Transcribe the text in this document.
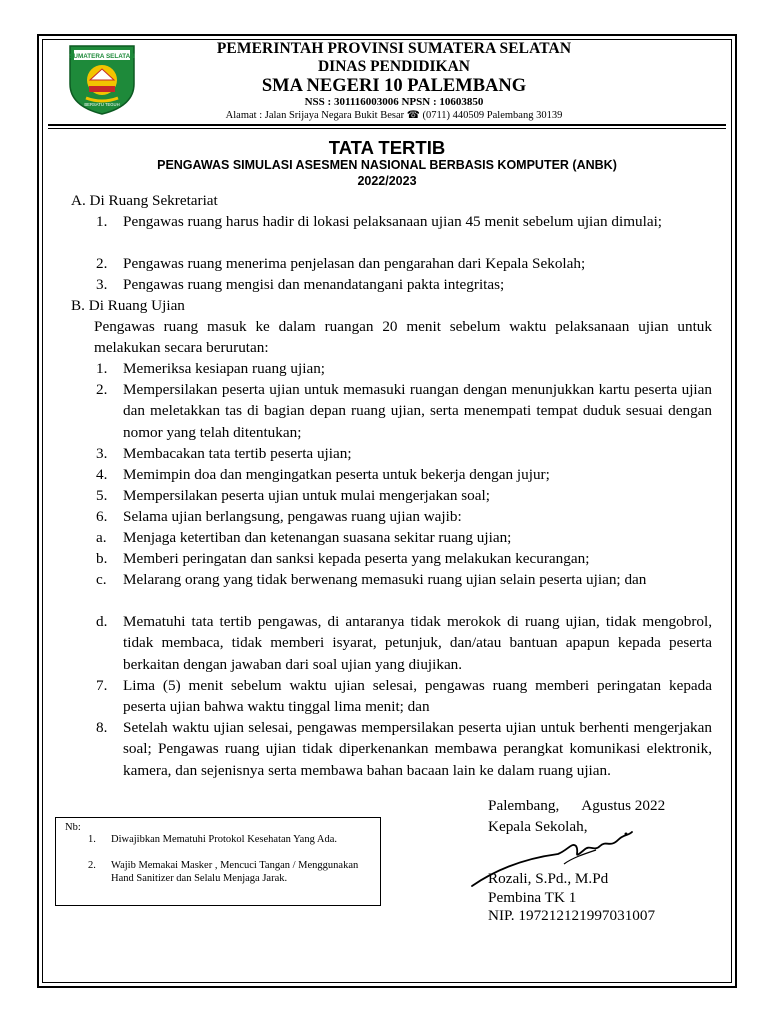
SUMATERA SELATAN
BERSATU TEGUH
PEMERINTAH PROVINSI SUMATERA SELATAN
DINAS PENDIDIKAN
SMA NEGERI 10 PALEMBANG
NSS : 301116003006 NPSN : 10603850
Alamat : Jalan Srijaya Negara Bukit Besar ☎ (0711) 440509 Palembang 30139
TATA TERTIB
PENGAWAS SIMULASI ASESMEN NASIONAL BERBASIS KOMPUTER (ANBK)
2022/2023
A. Di Ruang Sekretariat
1.	Pengawas ruang harus hadir di lokasi pelaksanaan ujian 45 menit sebelum ujian dimulai;
2.	Pengawas ruang menerima penjelasan dan pengarahan dari Kepala Sekolah;
3.	Pengawas ruang mengisi dan menandatangani pakta integritas;
B. Di Ruang Ujian
Pengawas ruang masuk ke dalam ruangan 20 menit sebelum waktu pelaksanaan ujian untuk melakukan secara berurutan:
1.	Memeriksa kesiapan ruang ujian;
2.	Mempersilakan peserta ujian untuk memasuki ruangan dengan menunjukkan kartu peserta ujian dan meletakkan tas di bagian depan ruang ujian, serta menempati tempat duduk sesuai dengan nomor yang telah ditentukan;
3.	Membacakan tata tertib peserta ujian;
4.	Memimpin doa dan mengingatkan peserta untuk bekerja dengan jujur;
5.	Mempersilakan peserta ujian untuk mulai mengerjakan soal;
6.	Selama ujian berlangsung, pengawas ruang ujian wajib:
a.	Menjaga ketertiban dan ketenangan suasana sekitar ruang ujian;
b.	Memberi peringatan dan sanksi kepada peserta yang melakukan kecurangan;
c.	Melarang orang yang tidak berwenang memasuki ruang ujian selain peserta ujian; dan
d.	Mematuhi tata tertib pengawas, di antaranya tidak merokok di ruang ujian, tidak mengobrol, tidak membaca, tidak memberi isyarat, petunjuk, dan/atau bantuan apapun kepada peserta berkaitan dengan jawaban dari soal ujian yang diujikan.
7.	Lima (5) menit sebelum waktu ujian selesai, pengawas ruang memberi peringatan kepada peserta ujian bahwa waktu tinggal lima menit; dan
8.	Setelah waktu ujian selesai, pengawas mempersilakan peserta ujian untuk berhenti mengerjakan soal; Pengawas ruang ujian tidak diperkenankan membawa perangkat komunikasi elektronik, kamera, dan sejenisnya serta membawa bahan bacaan lain ke dalam ruang ujian.
Palembang,      Agustus 2022
Kepala Sekolah,
Rozali, S.Pd., M.Pd
Pembina TK 1
NIP. 197212121997031007
Nb:
1. Diwajibkan Mematuhi Protokol Kesehatan Yang Ada.
2. Wajib Memakai Masker , Mencuci Tangan / Menggunakan Hand Sanitizer dan Selalu Menjaga Jarak.
